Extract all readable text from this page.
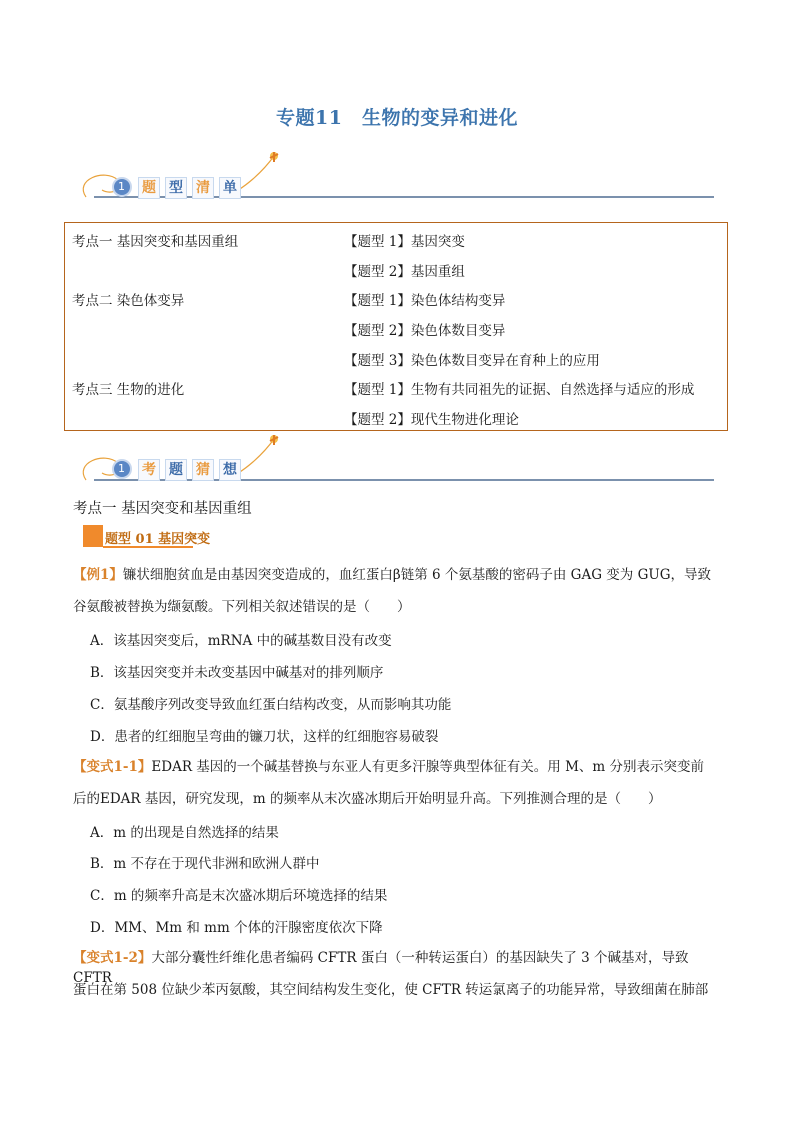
专题11　生物的变异和进化
1 题 型 清 单
考点一 基因突变和基因重组
考点二 染色体变异
考点三 生物的进化
【题型 1】基因突变
【题型 2】基因重组
【题型 1】染色体结构变异
【题型 2】染色体数目变异
【题型 3】染色体数目变异在育种上的应用
【题型 1】生物有共同祖先的证据、自然选择与适应的形成
【题型 2】现代生物进化理论
1 考 题 猜 想
考点一 基因突变和基因重组
题型 01 基因突变
【例1】镰状细胞贫血是由基因突变造成的，血红蛋白β链第 6 个氨基酸的密码子由 GAG 变为 GUG，导致
谷氨酸被替换为缬氨酸。下列相关叙述错误的是（　　）
A．该基因突变后，mRNA 中的碱基数目没有改变
B．该基因突变并未改变基因中碱基对的排列顺序
C．氨基酸序列改变导致血红蛋白结构改变，从而影响其功能
D．患者的红细胞呈弯曲的镰刀状，这样的红细胞容易破裂
【变式1-1】EDAR 基因的一个碱基替换与东亚人有更多汗腺等典型体征有关。用 M、m 分别表示突变前
后的EDAR 基因，研究发现，m 的频率从末次盛冰期后开始明显升高。下列推测合理的是（　　）
A．m 的出现是自然选择的结果
B．m 不存在于现代非洲和欧洲人群中
C．m 的频率升高是末次盛冰期后环境选择的结果
D．MM、Mm 和 mm 个体的汗腺密度依次下降
【变式1-2】大部分囊性纤维化患者编码 CFTR 蛋白（一种转运蛋白）的基因缺失了 3 个碱基对，导致 CFTR
蛋白在第 508 位缺少苯丙氨酸，其空间结构发生变化，使 CFTR 转运氯离子的功能异常，导致细菌在肺部
